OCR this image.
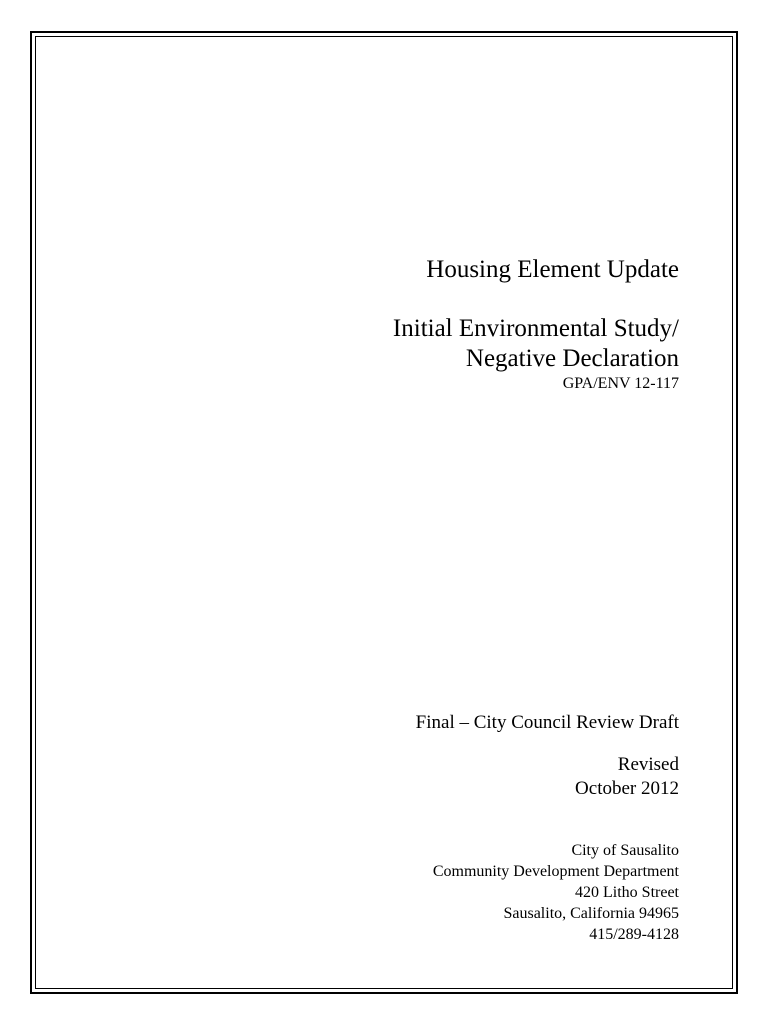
Housing Element Update
Initial Environmental Study/
Negative Declaration
GPA/ENV 12-117
Final – City Council Review Draft
Revised
October 2012
City of Sausalito
Community Development Department
420 Litho Street
Sausalito, California 94965
415/289-4128
